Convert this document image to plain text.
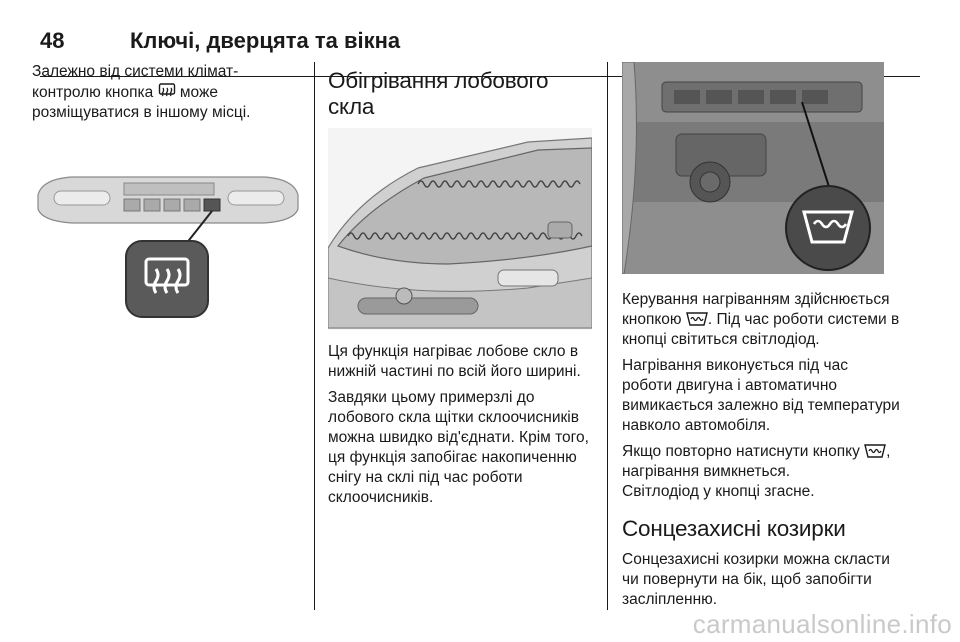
48	Ключі, дверцята та вікна

Залежно від системи клімат-контролю кнопка може розміщуватися в іншому місці.

Обігрівання лобового скла

Ця функція нагріває лобове скло в нижній частині по всій його ширині.

Завдяки цьому примерзлі до лобового скла щітки склоочисників можна швидко від'єднати. Крім того, ця функція запобігає накопиченню снігу на склі під час роботи склоочисників.

Керування нагріванням здійснюється кнопкою . Під час роботи системи в кнопці світиться світлодіод.

Нагрівання виконується під час роботи двигуна і автоматично вимикається залежно від температури навколо автомобіля.

Якщо повторно натиснути кнопку , нагрівання вимкнеться.
Світлодіод у кнопці згасне.

Сонцезахисні козирки

Сонцезахисні козирки можна скласти чи повернути на бік, щоб запобігти засліпленню.

carmanualsonline.info
